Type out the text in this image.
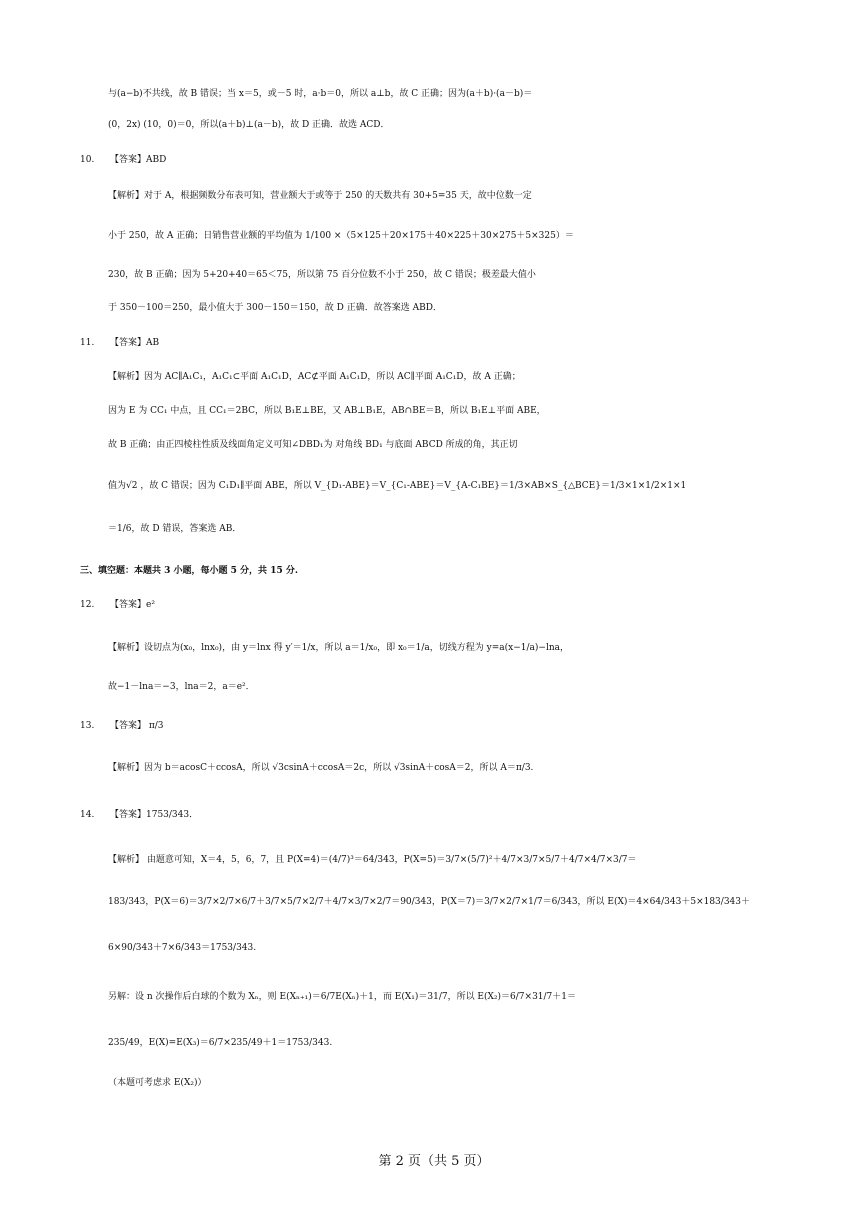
与(a−b)不共线，故 B 错误；当 x＝5，或－5 时，a·b＝0，所以 a⊥b，故 C 正确；因为(a＋b)·(a－b)＝
(0，2x) (10，0)＝0，所以(a＋b)⊥(a－b)，故 D 正确．故选 ACD．
10. 【答案】ABD
【解析】对于 A，根据频数分布表可知，营业额大于或等于 250 的天数共有 30+5=35 天，故中位数一定
小于 250，故 A 正确；日销售营业额的平均值为 1/100 ×（5×125＋20×175＋40×225＋30×275＋5×325）＝
230，故 B 正确；因为 5+20+40＝65＜75，所以第 75 百分位数不小于 250，故 C 错误；极差最大值小
于 350－100＝250，最小值大于 300－150＝150，故 D 正确．故答案选 ABD．
11. 【答案】AB
【解析】因为 AC∥A₁C₁，A₁C₁⊂平面 A₁C₁D，AC⊄平面 A₁C₁D，所以 AC∥平面 A₁C₁D，故 A 正确；
因为 E 为 CC₁ 中点，且 CC₁＝2BC，所以 B₁E⊥BE，又 AB⊥B₁E，AB∩BE＝B，所以 B₁E⊥平面 ABE，
故 B 正确；由正四棱柱性质及线面角定义可知∠DBD₁为 对角线 BD₁ 与底面 ABCD 所成的角，其正切
值为√2 ，故 C 错误；因为 C₁D₁∥平面 ABE，所以 V_{D₁-ABE}＝V_{C₁-ABE}＝V_{A-C₁BE}＝1/3×AB×S_{△BCE}＝1/3×1×1/2×1×1
＝1/6，故 D 错误，答案选 AB．
三、填空题：本题共 3 小题，每小题 5 分，共 15 分.
12. 【答案】e²
【解析】设切点为(x₀，lnx₀)，由 y＝lnx 得 y′＝1/x，所以 a＝1/x₀，即 x₀＝1/a，切线方程为 y=a(x−1/a)−lna，
故−1－lna＝−3，lna＝2，a＝e²．
13. 【答案】 π/3
【解析】因为 b＝acosC＋ccosA，所以 √3csinA＋ccosA＝2c，所以 √3sinA＋cosA＝2，所以 A＝π/3.
14. 【答案】1753/343．
【解析】 由题意可知，X＝4，5，6，7，且 P(X=4)＝(4/7)³＝64/343，P(X=5)＝3/7×(5/7)²＋4/7×3/7×5/7＋4/7×4/7×3/7＝
183/343，P(X＝6)＝3/7×2/7×6/7＋3/7×5/7×2/7＋4/7×3/7×2/7＝90/343，P(X＝7)＝3/7×2/7×1/7＝6/343，所以 E(X)＝4×64/343＋5×183/343＋
6×90/343＋7×6/343＝1753/343.
另解：设 n 次操作后白球的个数为 Xₙ，则 E(Xₙ₊₁)＝6/7E(Xₙ)＋1，而 E(X₁)＝31/7，所以 E(X₂)＝6/7×31/7＋1＝
235/49，E(X)=E(X₃)＝6/7×235/49＋1＝1753/343.
（本题可考虑求 E(X₂)）
第 2 页（共 5 页）
